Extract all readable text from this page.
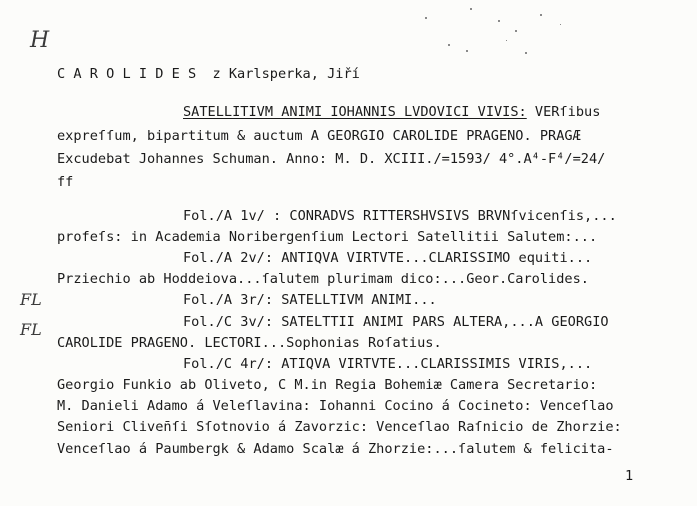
H
FL
FL
C A R O L I D E S  z Karlsperka, Jiří
SATELLITIVM ANIMI IOHANNIS LVDOVICI VIVIS: VERſibus
expreſſum, bipartitum & auctum A GEORGIO CAROLIDE PRAGENO. PRAGÆ
Excudebat Johannes Schuman. Anno: M. D. XCIII./=1593/ 4°.A⁴-F⁴/=24/
ff
Fol./A 1v/ : CONRADVS RITTERSHVSIVS BRVNſvicenſis,...
profeſs: in Academia Noribergenſium Lectori Satellitii Salutem:...
Fol./A 2v/: ANTIQVA VIRTVTE...CLARISSIMO equiti...
Prziechio ab Hoddeiova...ſalutem plurimam dico:...Geor.Carolides.
Fol./A 3r/: SATELLTIVM ANIMI...
Fol./C 3v/: SATELTTII ANIMI PARS ALTERA,...A GEORGIO
CAROLIDE PRAGENO. LECTORI...Sophonias Roſatius.
Fol./C 4r/: ATIQVA VIRTVTE...CLARISSIMIS VIRIS,...
Georgio Funkio ab Oliveto, C M.in Regia Bohemiæ Camera Secretario:
M. Danieli Adamo á Veleſlavina: Iohanni Cocino á Cocineto: Venceſlao
Seniori Cliven̄ſi Sſotnovio á Zavorzic: Venceſlao Raſnicio de Zhorzie:
Venceſlao á Paumbergk & Adamo Scalæ á Zhorzie:...ſalutem & felicita-
1
